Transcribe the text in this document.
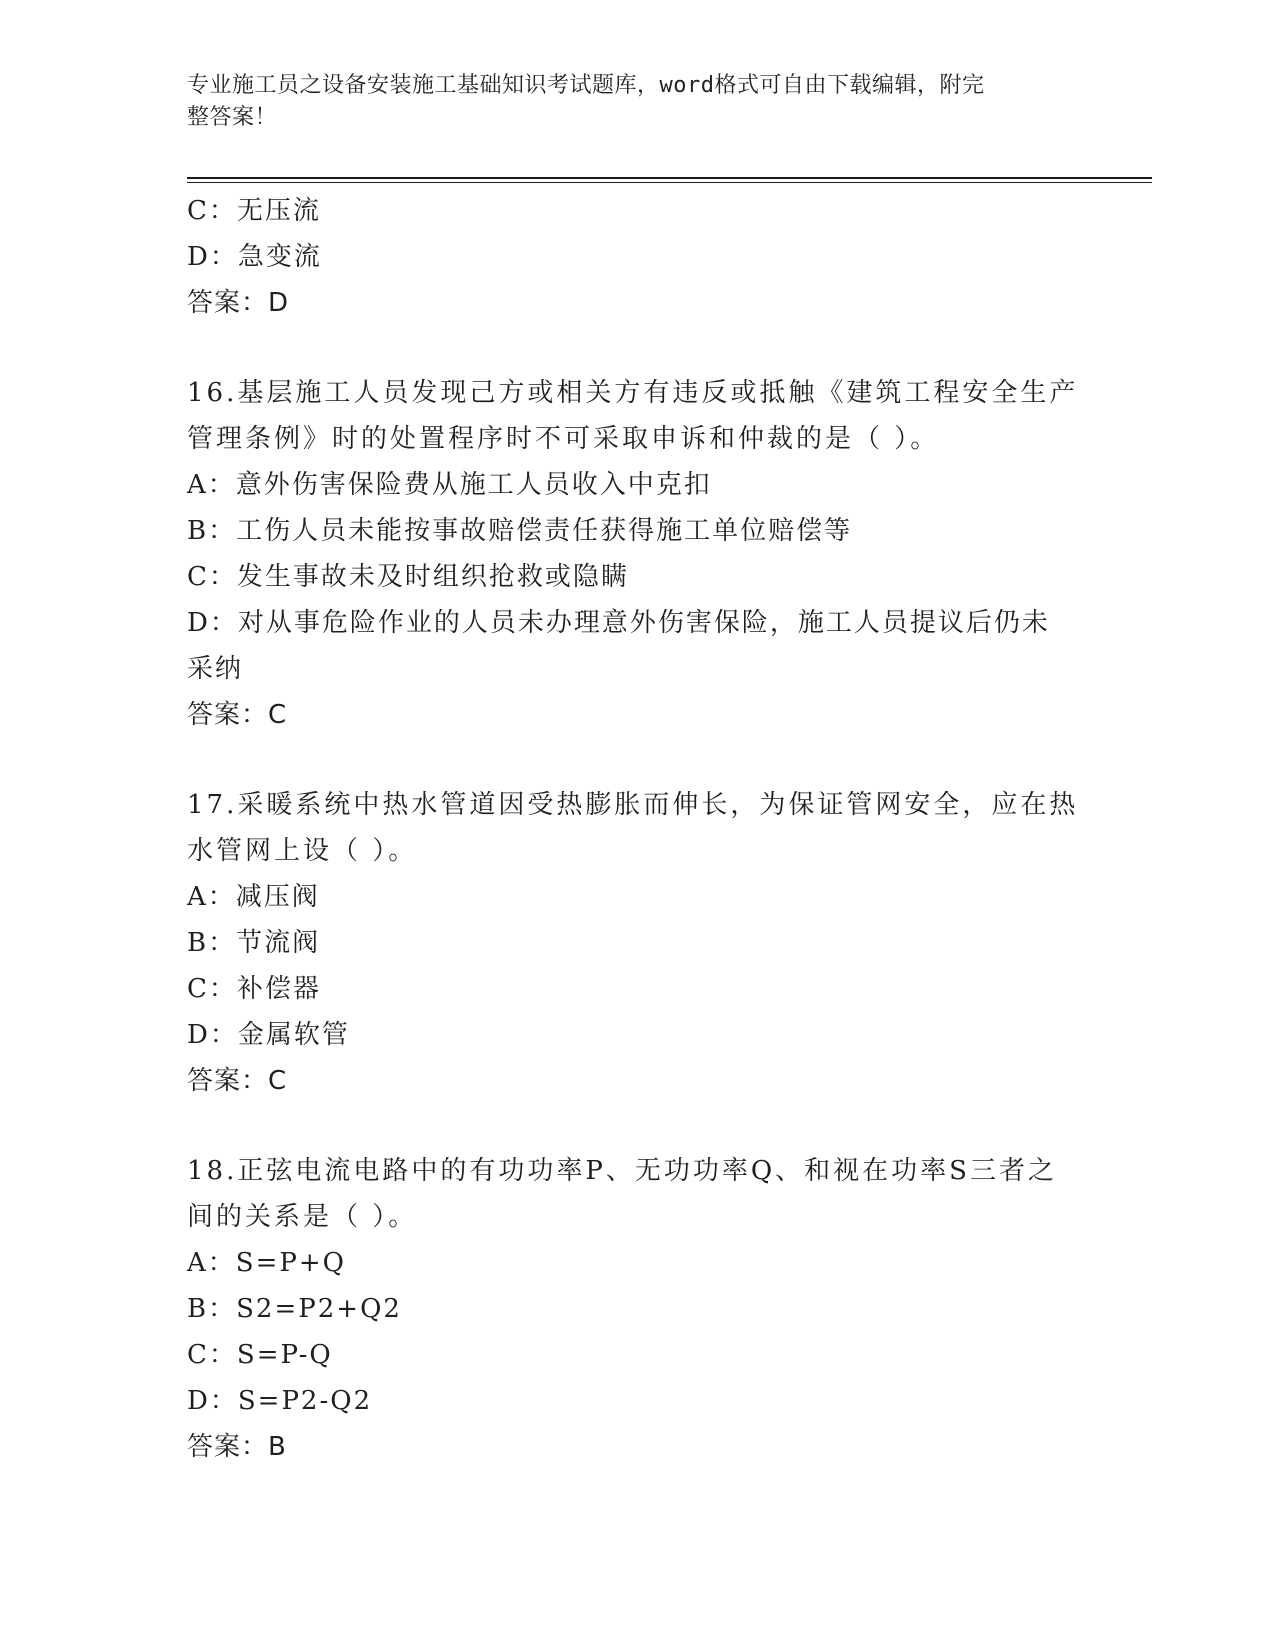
专业施工员之设备安装施工基础知识考试题库，word格式可自由下载编辑，附完
整答案！
C：无压流
D：急变流
答案：D
16.基层施工人员发现己方或相关方有违反或抵触《建筑工程安全生产
管理条例》时的处置程序时不可采取申诉和仲裁的是（ ）。
A：意外伤害保险费从施工人员收入中克扣
B：工伤人员未能按事故赔偿责任获得施工单位赔偿等
C：发生事故未及时组织抢救或隐瞒
D：对从事危险作业的人员未办理意外伤害保险，施工人员提议后仍未
采纳
答案：C
17.采暖系统中热水管道因受热膨胀而伸长，为保证管网安全，应在热
水管网上设（ ）。
A：减压阀
B：节流阀
C：补偿器
D：金属软管
答案：C
18.正弦电流电路中的有功功率P、无功功率Q、和视在功率S三者之
间的关系是（ ）。
A：S=P+Q
B：S2=P2+Q2
C：S=P-Q
D：S=P2-Q2
答案：B
